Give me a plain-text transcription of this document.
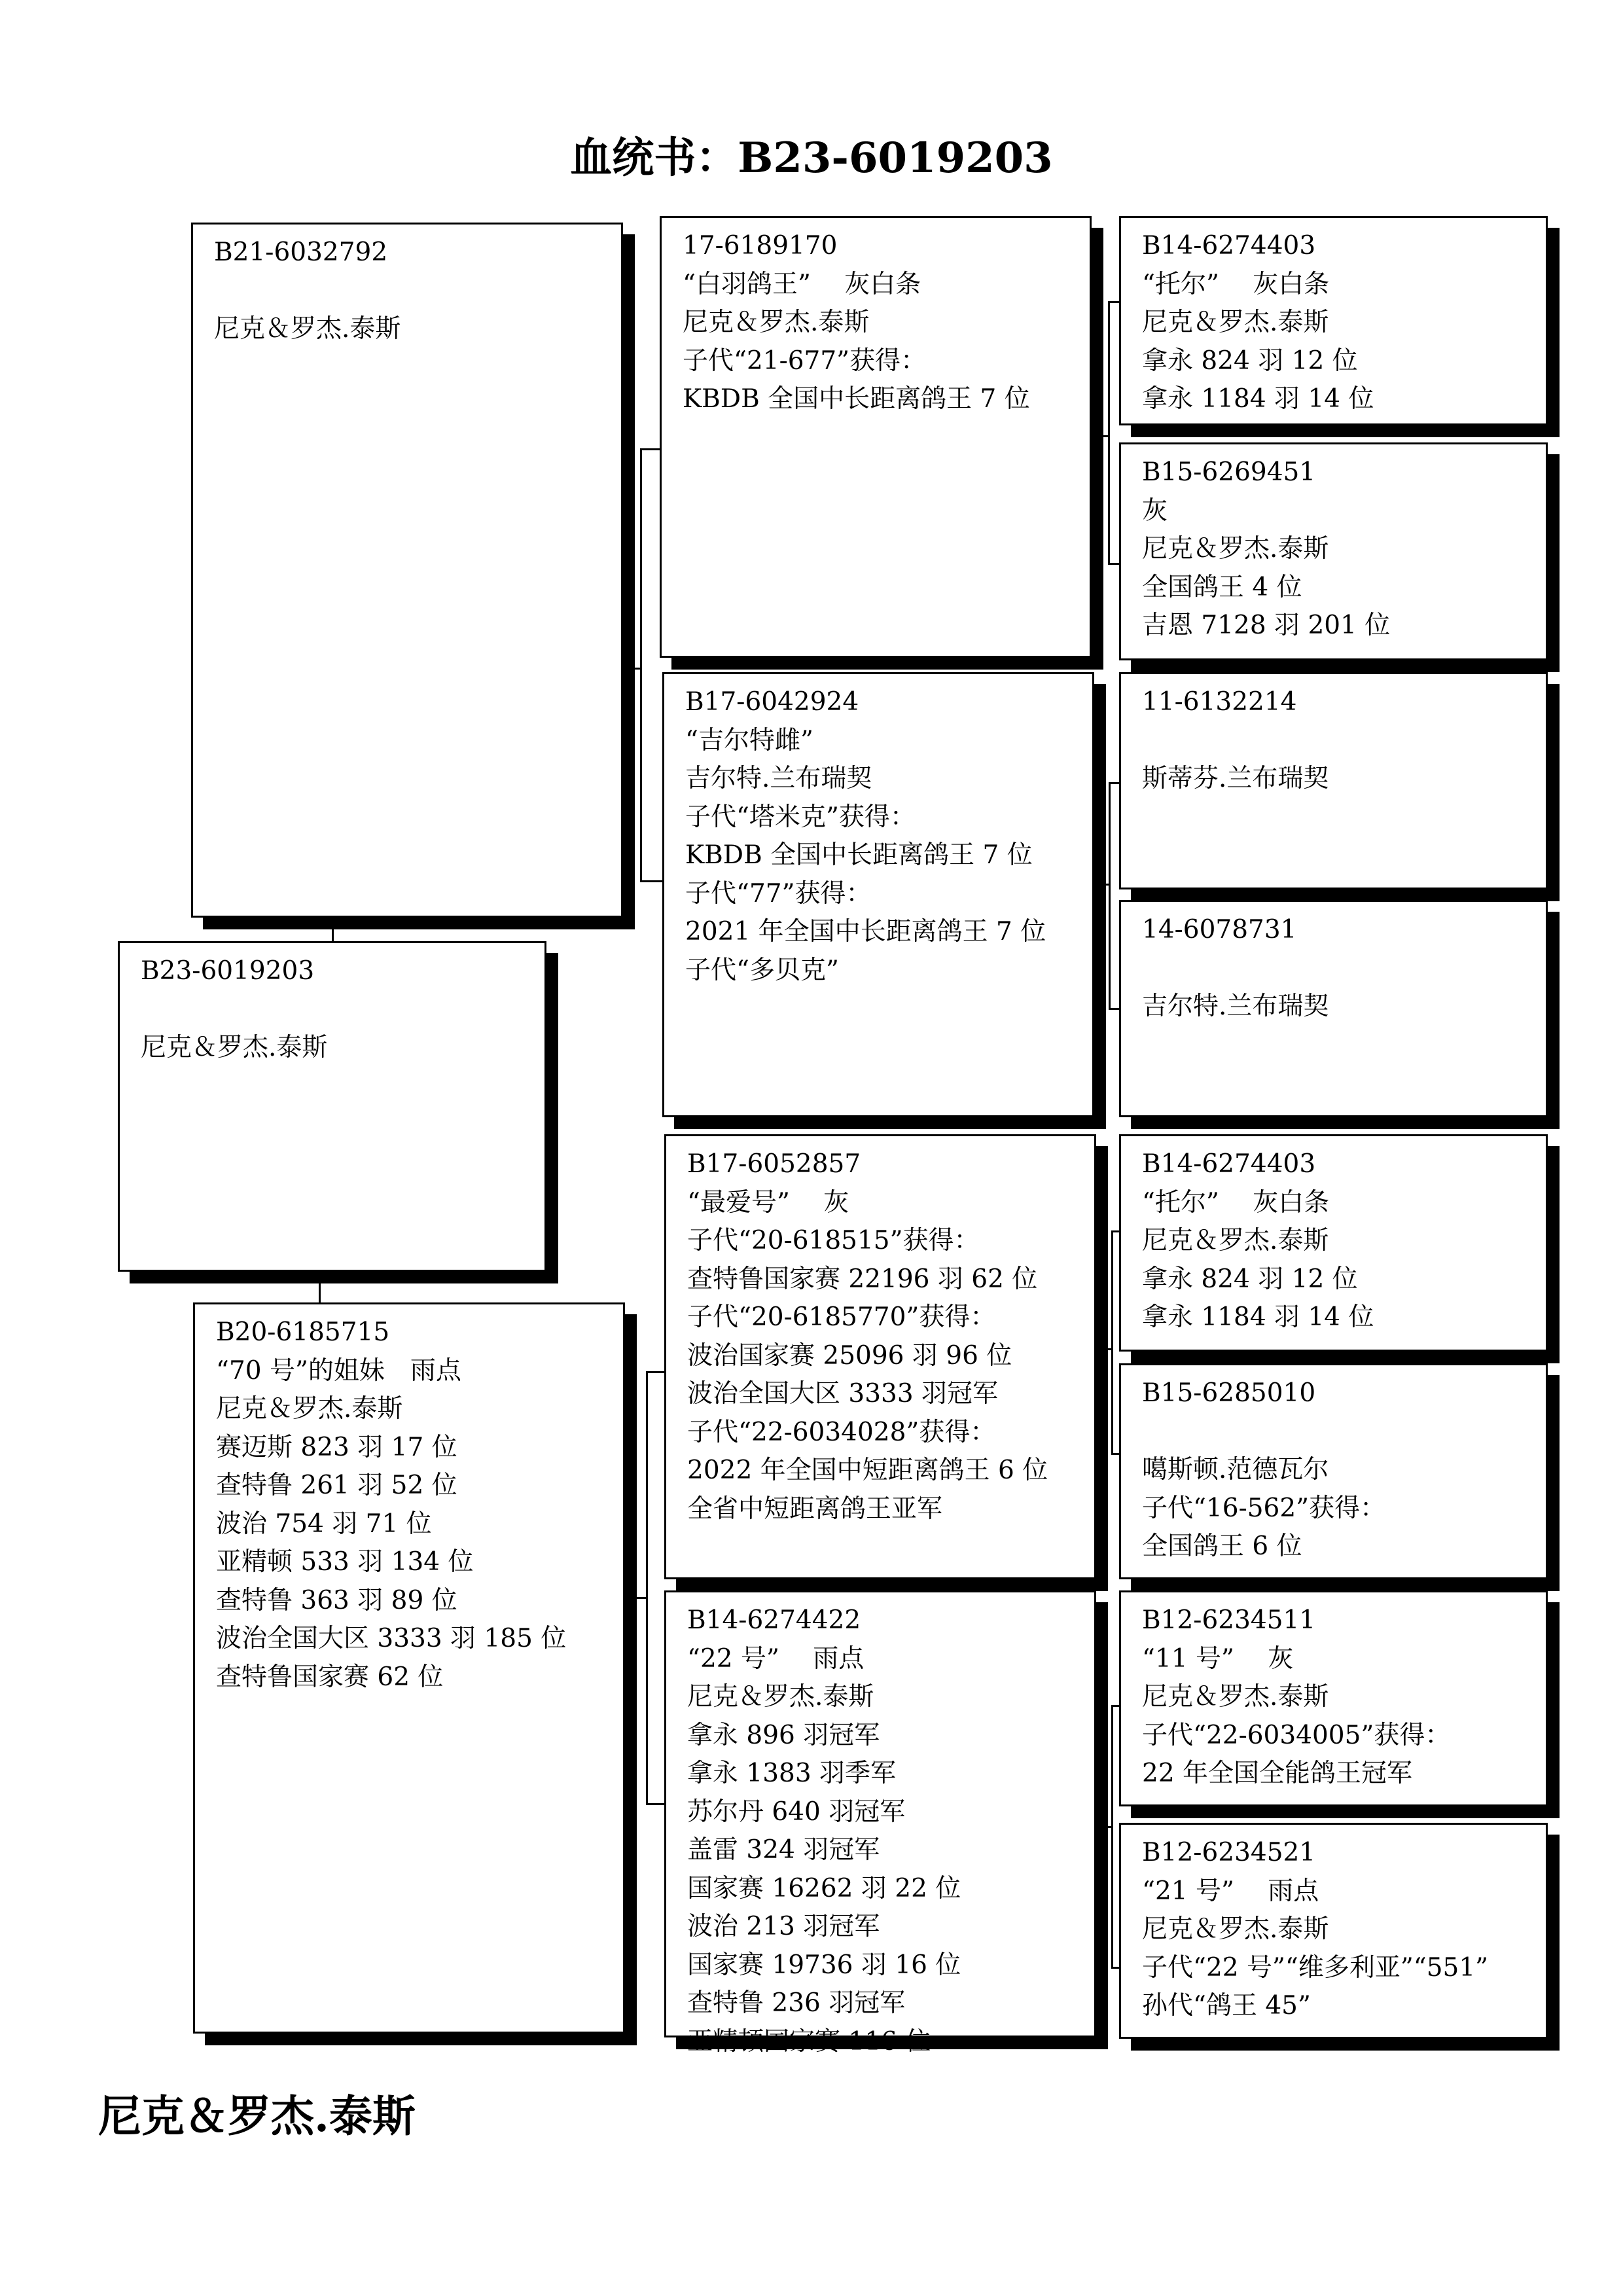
血统书：B23-6019203
B21-6032792
尼克＆罗杰.泰斯
B23-6019203
尼克＆罗杰.泰斯
B20-6185715
“70 号”的姐妹　雨点
尼克＆罗杰.泰斯
赛迈斯 823 羽 17 位
查特鲁 261 羽 52 位
波治 754 羽 71 位
亚精顿 533 羽 134 位
查特鲁 363 羽 89 位
波治全国大区 3333 羽 185 位
查特鲁国家赛 62 位
17-6189170
“白羽鸽王”　 灰白条
尼克＆罗杰.泰斯
子代“21-677”获得：
KBDB 全国中长距离鸽王 7 位
B17-6042924
“吉尔特雌”
吉尔特.兰布瑞契
子代“塔米克”获得：
KBDB 全国中长距离鸽王 7 位
子代“77”获得：
2021 年全国中长距离鸽王 7 位
子代“多贝克”
B17-6052857
“最爱号”　 灰
子代“20-618515”获得：
查特鲁国家赛 22196 羽 62 位
子代“20-6185770”获得：
波治国家赛 25096 羽 96 位
波治全国大区 3333 羽冠军
子代“22-6034028”获得：
2022 年全国中短距离鸽王 6 位
全省中短距离鸽王亚军
B14-6274422
“22 号”　 雨点
尼克＆罗杰.泰斯
拿永 896 羽冠军
拿永 1383 羽季军
苏尔丹 640 羽冠军
盖雷 324 羽冠军
国家赛 16262 羽 22 位
波治 213 羽冠军
国家赛 19736 羽 16 位
查特鲁 236 羽冠军
亚精顿国家赛 116 位
B14-6274403
“托尔”　 灰白条
尼克＆罗杰.泰斯
拿永 824 羽 12 位
拿永 1184 羽 14 位
B15-6269451
灰
尼克＆罗杰.泰斯
全国鸽王 4 位
吉恩 7128 羽 201 位
11-6132214
斯蒂芬.兰布瑞契
14-6078731
吉尔特.兰布瑞契
B14-6274403
“托尔”　 灰白条
尼克＆罗杰.泰斯
拿永 824 羽 12 位
拿永 1184 羽 14 位
B15-6285010
噶斯顿.范德瓦尔
子代“16-562”获得：
全国鸽王 6 位
B12-6234511
“11 号”　 灰
尼克＆罗杰.泰斯
子代“22-6034005”获得：
22 年全国全能鸽王冠军
B12-6234521
“21 号”　 雨点
尼克＆罗杰.泰斯
子代“22 号”“维多利亚”“551”
孙代“鸽王 45”
尼克＆罗杰.泰斯
